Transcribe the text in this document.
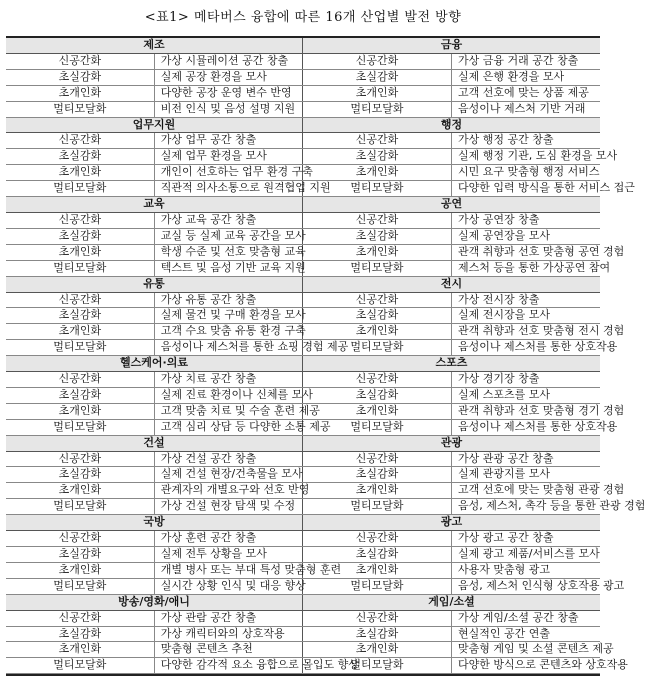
<표1> 메타버스 융합에 따른 16개 산업별 발전 방향
제조	
신공간화	가상 시뮬레이션 공간 창출
초실감화	실제 공장 환경을 모사
초개인화	다양한 공장 운영 변수 반영
멀티모달화	비전 인식 및 음성 설명 지원
업무지원	
신공간화	가상 업무 공간 창출
초실감화	실제 업무 환경을 모사
초개인화	개인이 선호하는 업무 환경 구축
멀티모달화	직관적 의사소통으로 원격협업 지원
교육	
신공간화	가상 교육 공간 창출
초실감화	교실 등 실제 교육 공간을 모사
초개인화	학생 수준 및 선호 맞춤형 교육
멀티모달화	텍스트 및 음성 기반 교육 지원
유통	
신공간화	가상 유통 공간 창출
초실감화	실제 물건 및 구매 환경을 모사
초개인화	고객 수요 맞춤 유통 환경 구축
멀티모달화	음성이나 제스처를 통한 쇼핑 경험 제공
헬스케어·의료	
신공간화	가상 치료 공간 창출
초실감화	실제 진료 환경이나 신체를 모사
초개인화	고객 맞춤 치료 및 수술 훈련 제공
멀티모달화	고객 심리 상담 등 다양한 소통 제공
건설	
신공간화	가상 건설 공간 창출
초실감화	실제 건설 현장/건축물을 모사
초개인화	관계자의 개별요구와 선호 반영
멀티모달화	가상 건설 현장 탐색 및 수정
국방	
신공간화	가상 훈련 공간 창출
초실감화	실제 전투 상황을 모사
초개인화	개별 병사 또는 부대 특성 맞춤형 훈련
멀티모달화	실시간 상황 인식 및 대응 향상
방송/영화/애니	
신공간화	가상 관람 공간 창출
초실감화	가상 캐릭터와의 상호작용
초개인화	맞춤형 콘텐츠 추천
멀티모달화	다양한 감각적 요소 융합으로 몰입도 향상
금융	
신공간화	가상 금융 거래 공간 창출
초실감화	실제 은행 환경을 모사
초개인화	고객 선호에 맞는 상품 제공
멀티모달화	음성이나 제스처 기반 거래
행정	
신공간화	가상 행정 공간 창출
초실감화	실제 행정 기관, 도심 환경을 모사
초개인화	시민 요구 맞춤형 행정 서비스
멀티모달화	다양한 입력 방식을 통한 서비스 접근
공연	
신공간화	가상 공연장 창출
초실감화	실제 공연장을 모사
초개인화	관객 취향과 선호 맞춤형 공연 경험
멀티모달화	제스처 등을 통한 가상공연 참여
전시	
신공간화	가상 전시장 창출
초실감화	실제 전시장을 모사
초개인화	관객 취향과 선호 맞춤형 전시 경험
멀티모달화	음성이나 제스처를 통한 상호작용
스포츠	
신공간화	가상 경기장 창출
초실감화	실제 스포츠를 모사
초개인화	관객 취향과 선호 맞춤형 경기 경험
멀티모달화	음성이나 제스처를 통한 상호작용
관광	
신공간화	가상 관광 공간 창출
초실감화	실제 관광지를 모사
초개인화	고객 선호에 맞는 맞춤형 관광 경험
멀티모달화	음성, 제스처, 촉각 등을 통한 관광 경험
광고	
신공간화	가상 광고 공간 창출
초실감화	실제 광고 제품/서비스를 모사
초개인화	사용자 맞춤형 광고
멀티모달화	음성, 제스처 인식형 상호작용 광고
게임/소셜	
신공간화	가상 게임/소셜 공간 창출
초실감화	현실적인 공간 연출
초개인화	맞춤형 게임 및 소셜 콘텐츠 제공
멀티모달화	다양한 방식으로 콘텐츠와 상호작용
